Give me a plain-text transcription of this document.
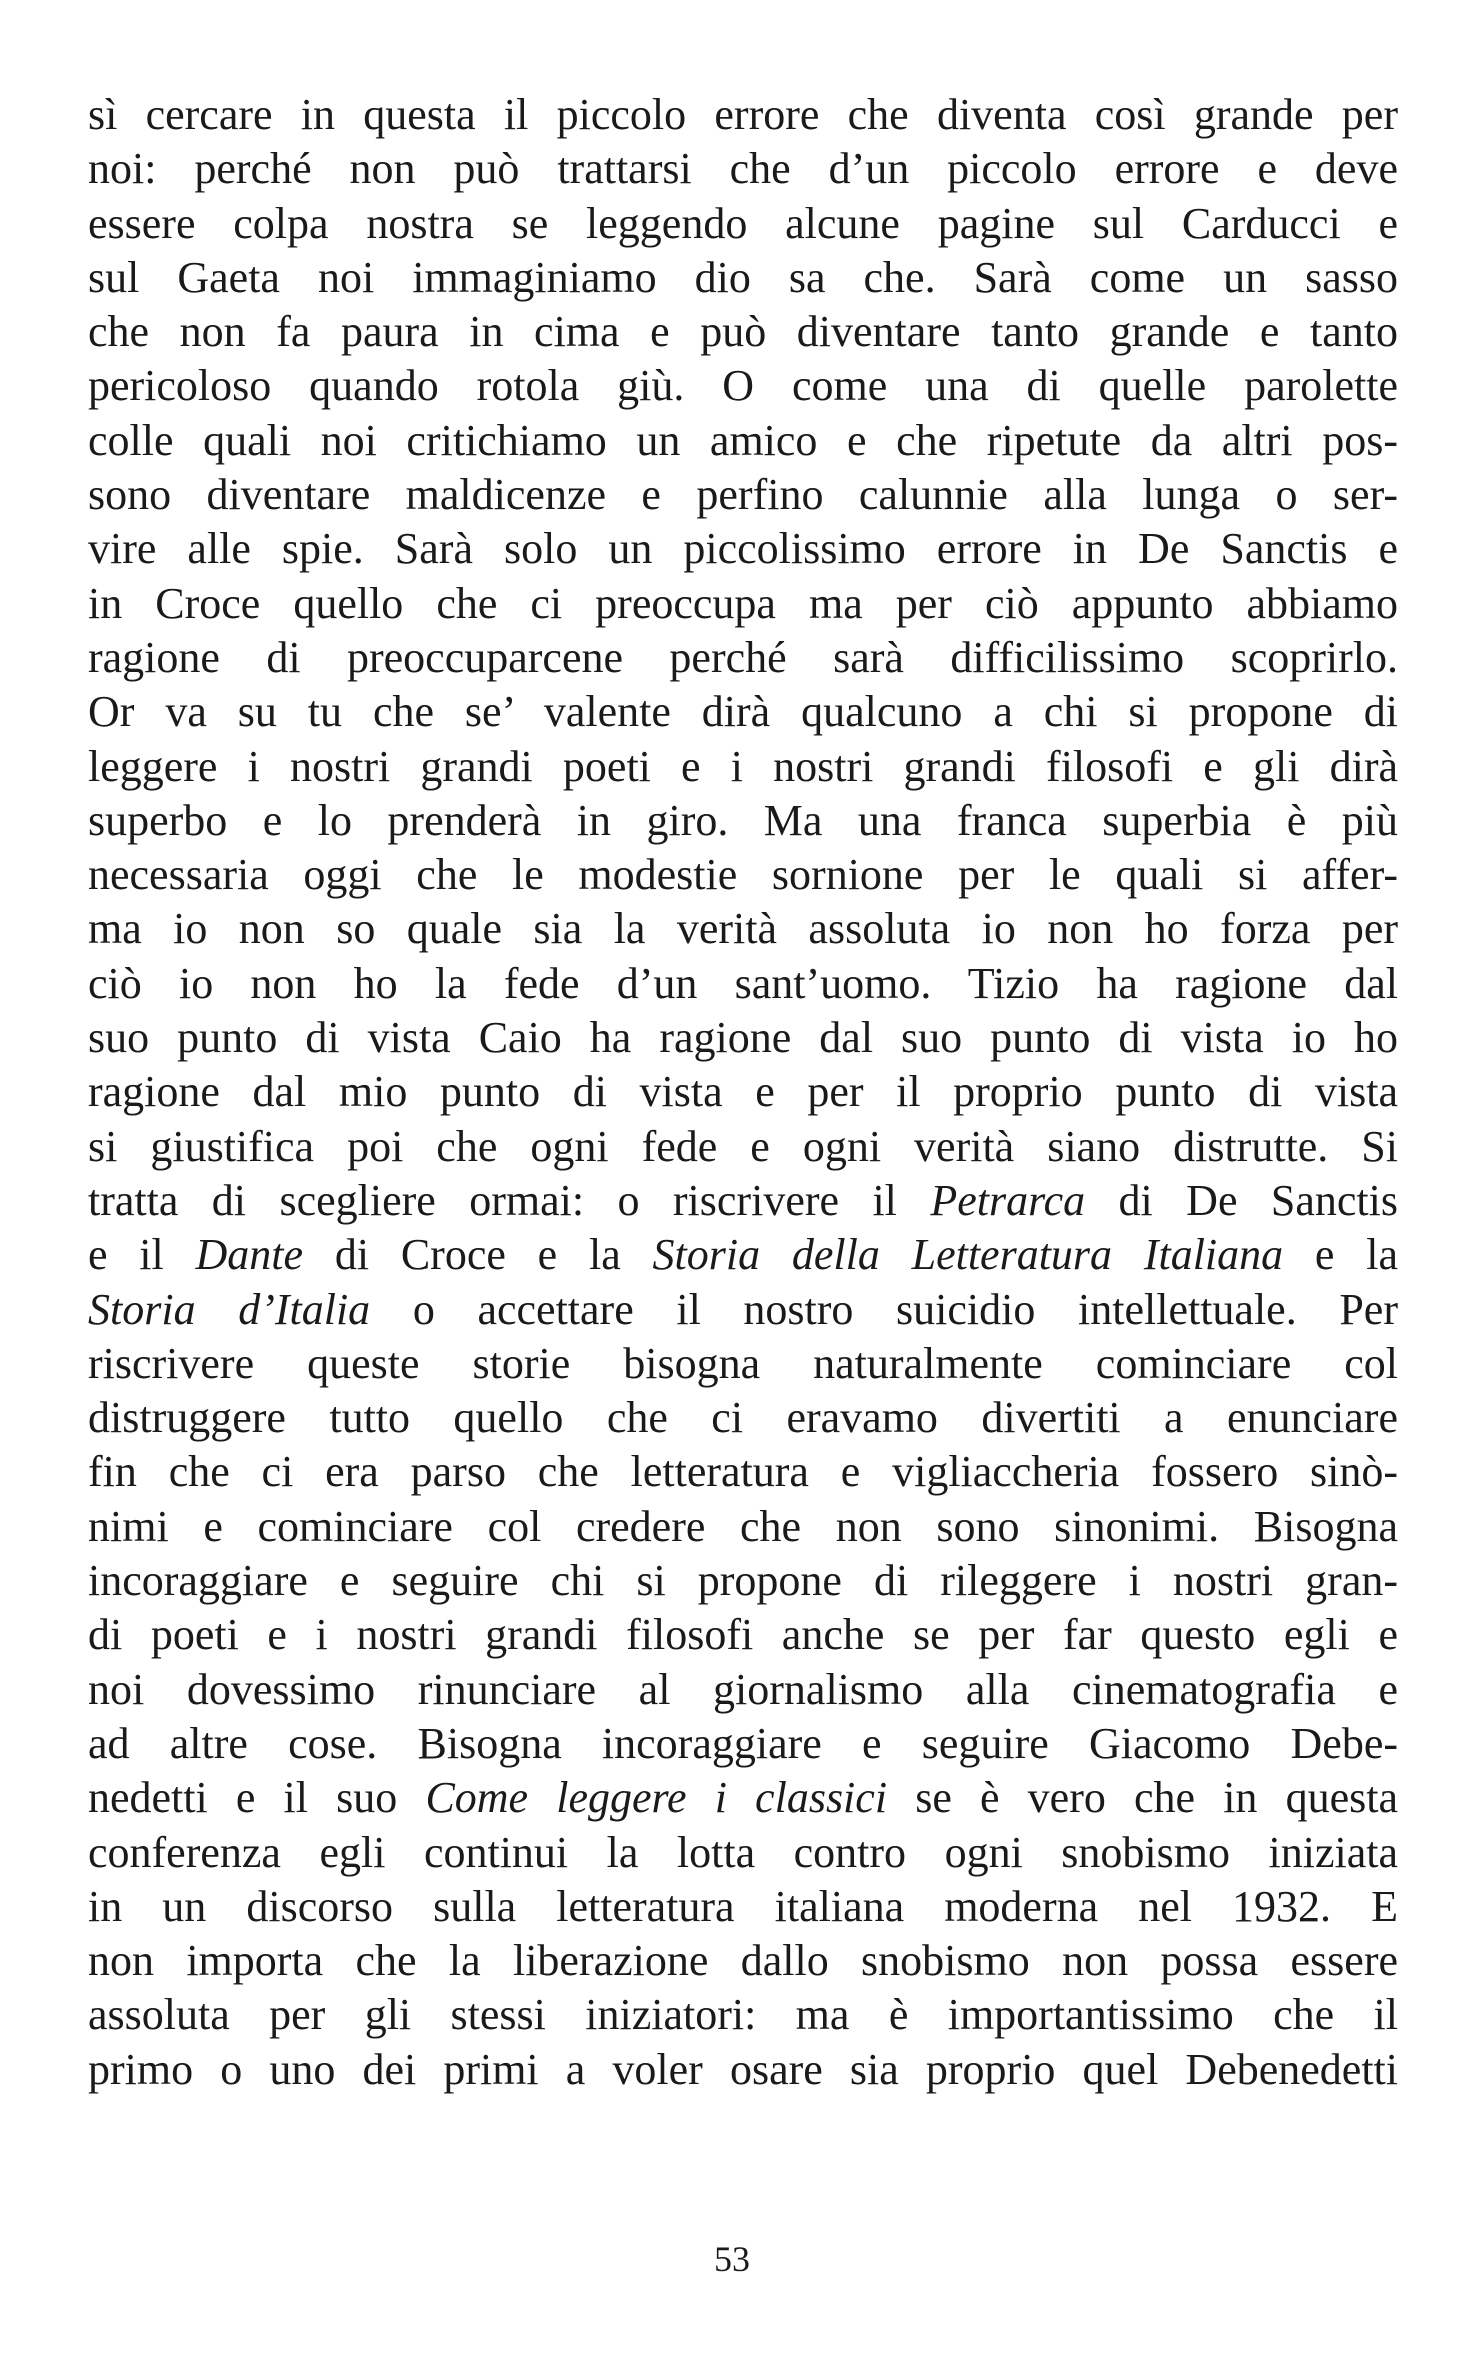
sì cercare in questa il piccolo errore che diventa così grande per
noi: perché non può trattarsi che d’un piccolo errore e deve
essere colpa nostra se leggendo alcune pagine sul Carducci e
sul Gaeta noi immaginiamo dio sa che. Sarà come un sasso
che non fa paura in cima e può diventare tanto grande e tanto
pericoloso quando rotola giù. O come una di quelle parolette
colle quali noi critichiamo un amico e che ripetute da altri pos-
sono diventare maldicenze e perfino calunnie alla lunga o ser-
vire alle spie. Sarà solo un piccolissimo errore in De Sanctis e
in Croce quello che ci preoccupa ma per ciò appunto abbiamo
ragione di preoccuparcene perché sarà difficilissimo scoprirlo.
Or va su tu che se’ valente dirà qualcuno a chi si propone di
leggere i nostri grandi poeti e i nostri grandi filosofi e gli dirà
superbo e lo prenderà in giro. Ma una franca superbia è più
necessaria oggi che le modestie sornione per le quali si affer-
ma io non so quale sia la verità assoluta io non ho forza per
ciò io non ho la fede d’un sant’uomo. Tizio ha ragione dal
suo punto di vista Caio ha ragione dal suo punto di vista io ho
ragione dal mio punto di vista e per il proprio punto di vista
si giustifica poi che ogni fede e ogni verità siano distrutte. Si
tratta di scegliere ormai: o riscrivere il Petrarca di De Sanctis
e il Dante di Croce e la Storia della Letteratura Italiana e la
Storia d’Italia o accettare il nostro suicidio intellettuale. Per
riscrivere queste storie bisogna naturalmente cominciare col
distruggere tutto quello che ci eravamo divertiti a enunciare
fin che ci era parso che letteratura e vigliaccheria fossero sinò-
nimi e cominciare col credere che non sono sinonimi. Bisogna
incoraggiare e seguire chi si propone di rileggere i nostri gran-
di poeti e i nostri grandi filosofi anche se per far questo egli e
noi dovessimo rinunciare al giornalismo alla cinematografia e
ad altre cose. Bisogna incoraggiare e seguire Giacomo Debe-
nedetti e il suo Come leggere i classici se è vero che in questa
conferenza egli continui la lotta contro ogni snobismo iniziata
in un discorso sulla letteratura italiana moderna nel 1932. E
non importa che la liberazione dallo snobismo non possa essere
assoluta per gli stessi iniziatori: ma è importantissimo che il
primo o uno dei primi a voler osare sia proprio quel Debenedetti
53
